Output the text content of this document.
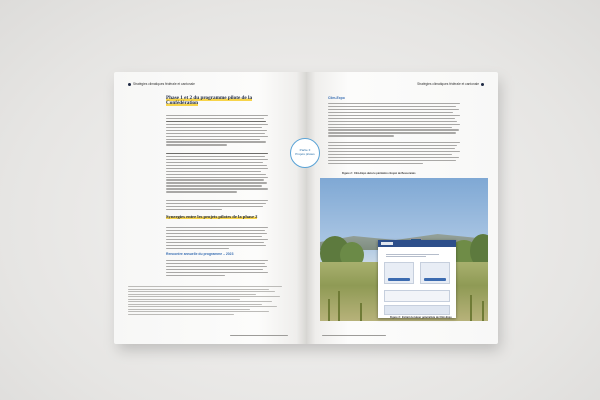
Stratégies climatiques fédérale et cantonale
Phase 1 et 2 du programme pilote de la Confédération
Synergies entre les projets pilotes de la phase 2
Rencontre annuelle du programme – 2023
Stratégies climatiques fédérale et cantonale
Clim-Expo
Figure 2 : Clim-Expo dans le périmètre citoyen de Bessonnais
Figure 3 : Extrait du tuteur généraliste de Clim-Expo
Partie II
Projets pilotes
